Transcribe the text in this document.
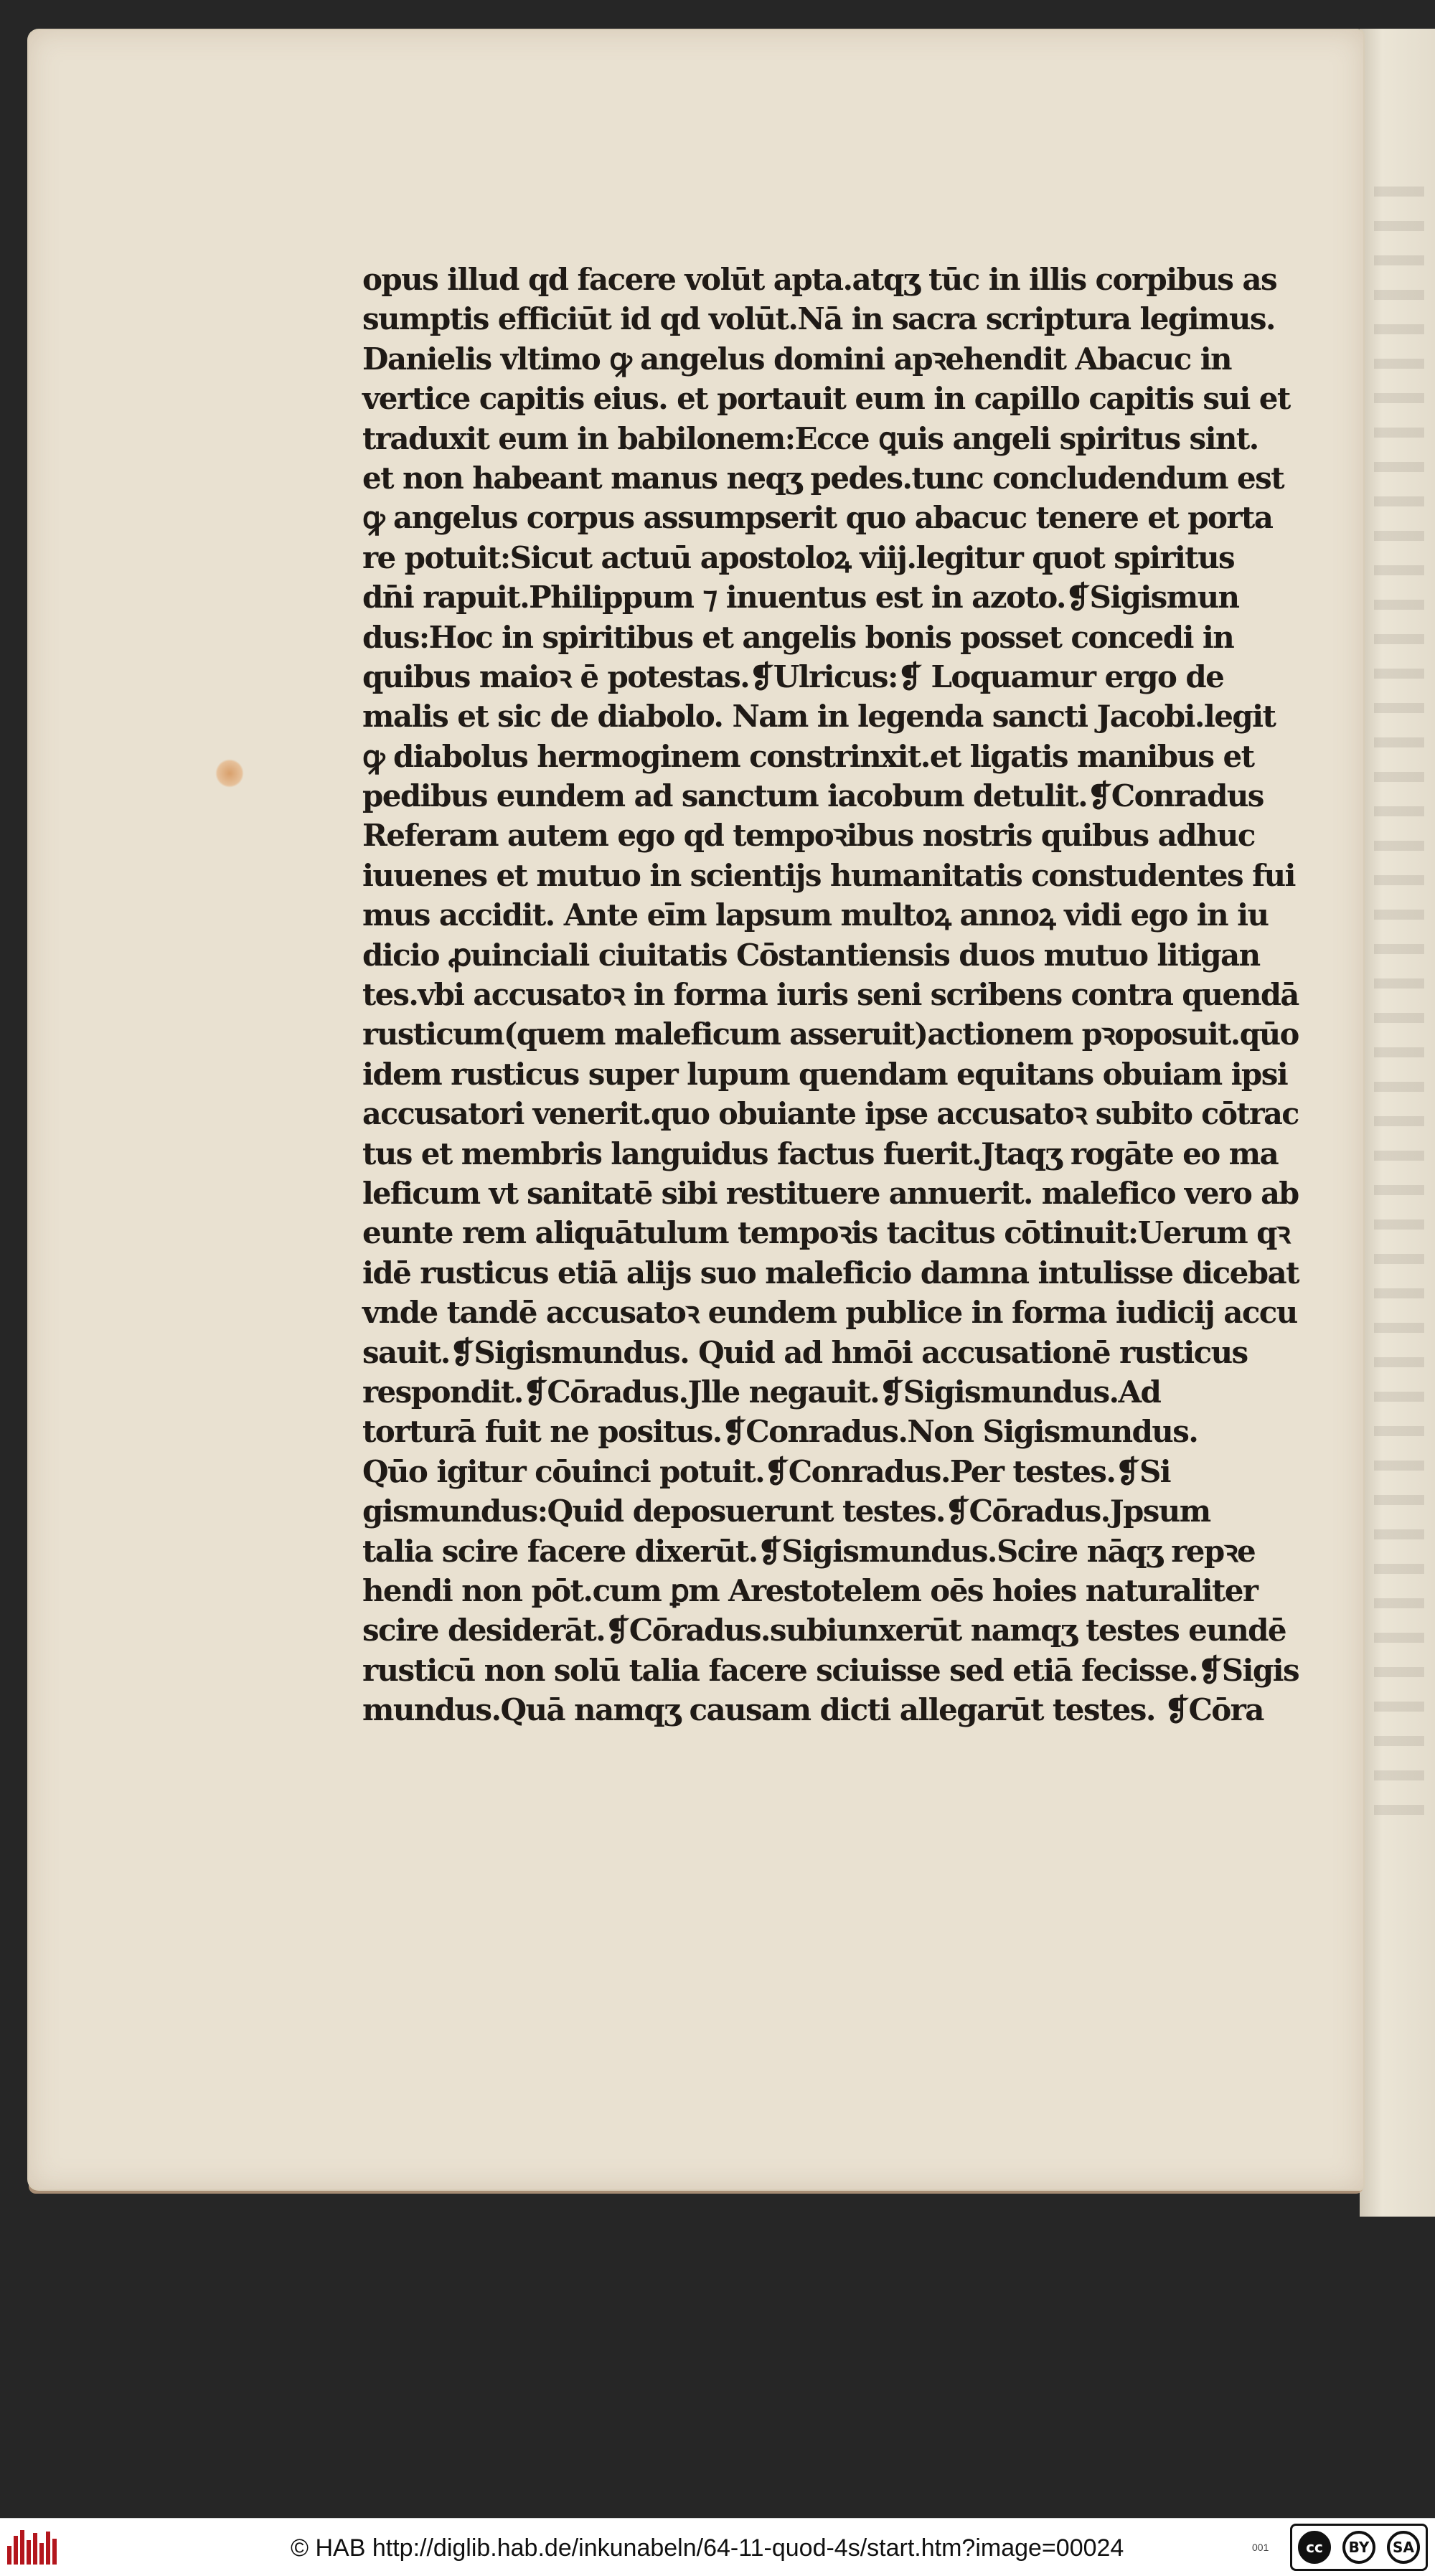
opus illud qd facere volūt apta.atqʒ tūc in illis corpibus as
sumptis efficiūt id qd volūt.Nā in sacra scriptura legimus.
Danielis vltimo ꝙ angelus domini apꝛehendit Abacuc in
vertice capitis eius. et portauit eum in capillo capitis sui et
traduxit eum in babilonem:Ecce ꝗuis angeli spiritus sint.
et non habeant manus neqʒ pedes.tunc concludendum est
ꝙ angelus corpus assumpserit quo abacuc tenere et porta
re potuit:Sicut actuū apostoloꝝ viij.legitur quot spiritus
dn̄i rapuit.Philippum ⁊ inuentus est in azoto.❡Sigismun
dus:Hoc in spiritibus et angelis bonis posset concedi in
quibus maioꝛ ē potestas.❡Ulricus:❡ Loquamur ergo de
malis et sic de diabolo. Nam in legenda sancti Jacobi.legit
ꝙ diabolus hermoginem constrinxit.et ligatis manibus et
pedibus eundem ad sanctum iacobum detulit.❡Conradus
Referam autem ego qd tempoꝛibus nostris quibus adhuc
iuuenes et mutuo in scientijs humanitatis constudentes fui
mus accidit. Ante eīm lapsum multoꝝ annoꝝ vidi ego in iu
dicio ꝓuinciali ciuitatis Cōstantiensis duos mutuo litigan
tes.vbi accusatoꝛ in forma iuris seni scribens contra quendā
rusticum(quem maleficum asseruit)actionem pꝛoposuit.qūo
idem rusticus super lupum quendam equitans obuiam ipsi
accusatori venerit.quo obuiante ipse accusatoꝛ subito cōtrac
tus et membris languidus factus fuerit.Jtaqʒ rogāte eo ma
leficum vt sanitatē sibi restituere annuerit. malefico vero ab
eunte rem aliquātulum tempoꝛis tacitus cōtinuit:Uerum qꝛ
idē rusticus etiā alijs suo maleficio damna intulisse dicebat
vnde tandē accusatoꝛ eundem publice in forma iudicij accu
sauit.❡Sigismundus. Quid ad hmōi accusationē rusticus
respondit.❡Cōradus.Jlle negauit.❡Sigismundus.Ad
torturā fuit ne positus.❡Conradus.Non Sigismundus.
Qūo igitur cōuinci potuit.❡Conradus.Per testes.❡Si
gismundus:Quid deposuerunt testes.❡Cōradus.Jpsum
talia scire facere dixerūt.❡Sigismundus.Scire nāqʒ repꝛe
hendi non pōt.cum ꝑm Arestotelem oēs hoies naturaliter
scire desiderāt.❡Cōradus.subiunxerūt namqʒ testes eundē
rusticū non solū talia facere sciuisse sed etiā fecisse.❡Sigis
mundus.Quā namqʒ causam dicti allegarūt testes. ❡Cōra
© HAB http://diglib.hab.de/inkunabeln/64-11-quod-4s/start.htm?image=00024	001	cc	BY	SA
